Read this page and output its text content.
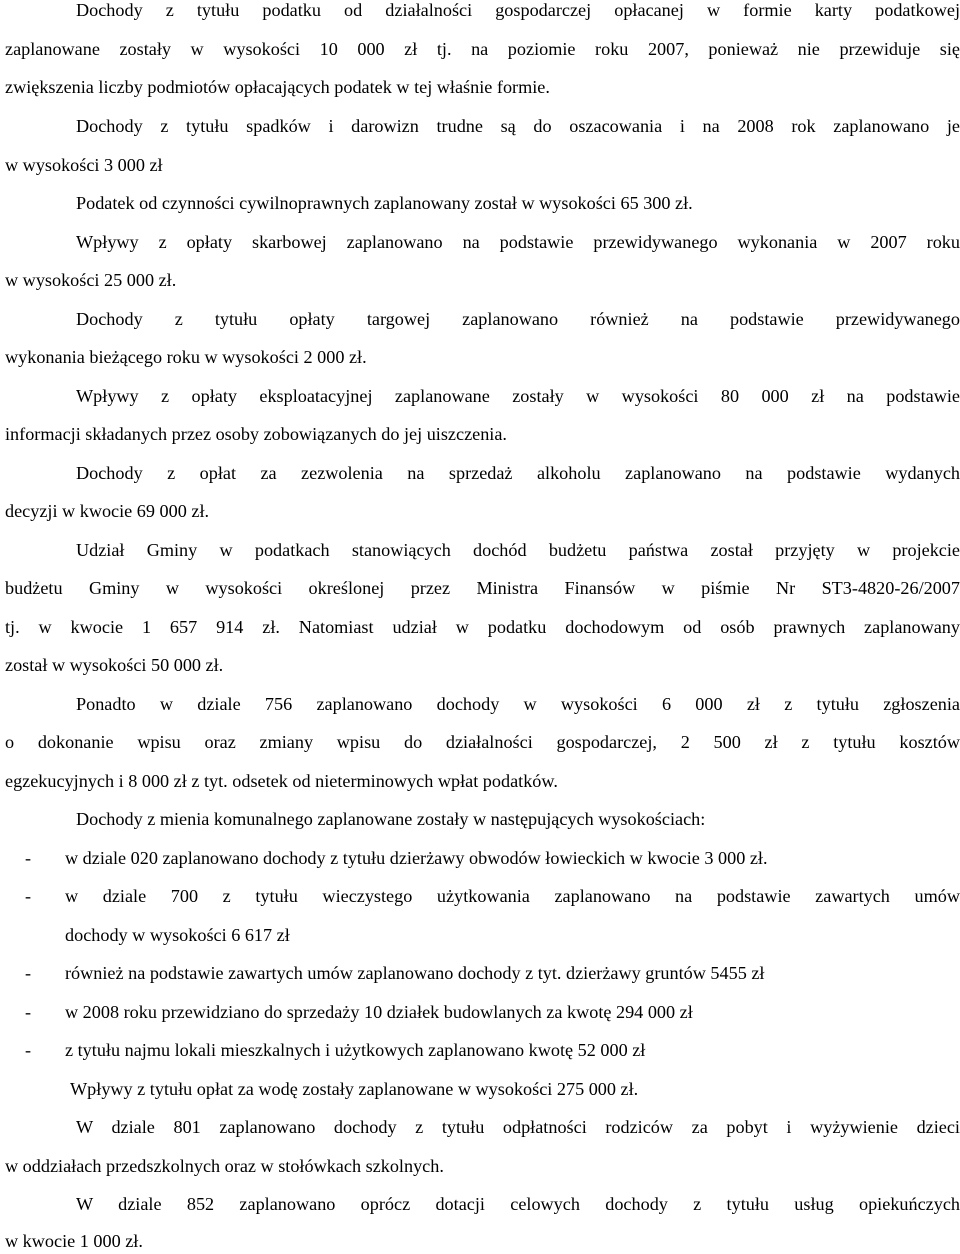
Dochody z tytułu podatku od działalności gospodarczej opłacanej w formie karty podatkowej
zaplanowane zostały w wysokości 10 000 zł tj. na poziomie roku 2007, ponieważ nie przewiduje się
zwiększenia liczby podmiotów opłacających podatek w tej właśnie formie.
Dochody z tytułu spadków i darowizn trudne są do oszacowania i na 2008 rok zaplanowano je
w wysokości 3 000 zł
Podatek od czynności cywilnoprawnych zaplanowany został w wysokości 65 300 zł.
Wpływy z opłaty skarbowej zaplanowano na podstawie przewidywanego wykonania w 2007 roku
w wysokości 25 000 zł.
Dochody z tytułu opłaty targowej zaplanowano również na podstawie przewidywanego
wykonania bieżącego roku w wysokości 2 000 zł.
Wpływy z opłaty eksploatacyjnej zaplanowane zostały w wysokości 80 000 zł na podstawie
informacji składanych przez osoby zobowiązanych do jej uiszczenia.
Dochody z opłat za zezwolenia na sprzedaż alkoholu zaplanowano na podstawie wydanych
decyzji w kwocie 69 000 zł.
Udział Gminy w podatkach stanowiących dochód budżetu państwa został przyjęty w projekcie
budżetu Gminy w wysokości określonej przez Ministra Finansów w piśmie Nr ST3-4820-26/2007
tj. w kwocie 1 657 914 zł. Natomiast udział w podatku dochodowym od osób prawnych zaplanowany
został w wysokości 50 000 zł.
Ponadto w dziale 756 zaplanowano dochody w wysokości 6 000 zł z tytułu zgłoszenia
o dokonanie wpisu oraz zmiany wpisu do działalności gospodarczej, 2 500 zł z tytułu kosztów
egzekucyjnych i 8 000 zł z tyt. odsetek od nieterminowych wpłat podatków.
Dochody z mienia komunalnego zaplanowane zostały w następujących wysokościach:
- w dziale 020 zaplanowano dochody z tytułu dzierżawy obwodów łowieckich w kwocie 3 000 zł.
- w dziale 700 z tytułu wieczystego użytkowania zaplanowano na podstawie zawartych umów
dochody w wysokości 6 617 zł
- również na podstawie zawartych umów zaplanowano dochody z tyt. dzierżawy gruntów 5455 zł
- w 2008 roku przewidziano do sprzedaży 10 działek budowlanych za kwotę 294 000 zł
- z tytułu najmu lokali mieszkalnych i użytkowych zaplanowano kwotę 52 000 zł
Wpływy z tytułu opłat za wodę zostały zaplanowane w wysokości 275 000 zł.
W dziale 801 zaplanowano dochody z tytułu odpłatności rodziców za pobyt i wyżywienie dzieci
w oddziałach przedszkolnych oraz w stołówkach szkolnych.
W dziale 852 zaplanowano oprócz dotacji celowych dochody z tytułu usług opiekuńczych
w kwocie 1 000 zł.
